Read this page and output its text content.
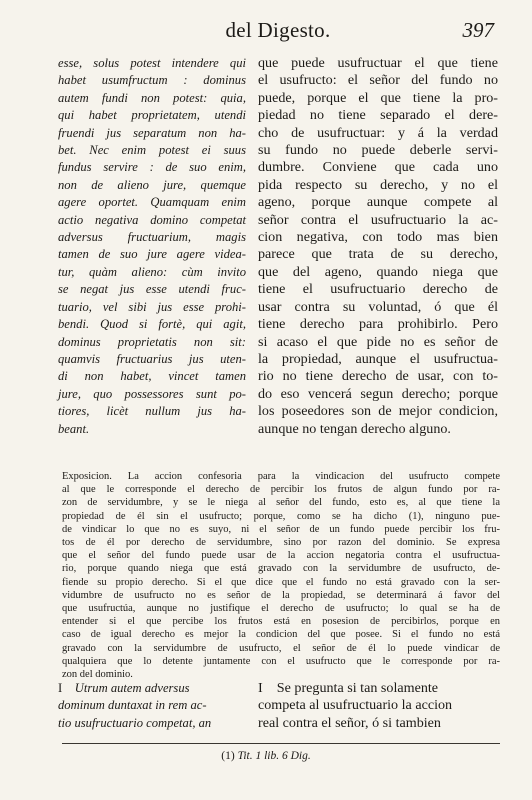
del Digesto.	397
esse, solus potest intendere qui
habet usumfructum : dominus
autem fundi non potest: quia,
qui habet proprietatem, utendi
fruendi jus separatum non ha-
bet. Nec enim potest ei suus
fundus servire : de suo enim,
non de alieno jure, quemque
agere oportet. Quamquam enim
actio negativa domino competat
adversus fructuarium, magis
tamen de suo jure agere videa-
tur, quàm alieno: cùm invito
se negat jus esse utendi fruc-
tuario, vel sibi jus esse prohi-
bendi. Quod si fortè, qui agit,
dominus proprietatis non sit:
quamvis fructuarius jus uten-
di non habet, vincet tamen
jure, quo possessores sunt po-
tiores, licèt nullum jus ha-
beant.
que puede usufructuar el que tiene
el usufructo: el señor del fundo no
puede, porque el que tiene la pro-
piedad no tiene separado el dere-
cho de usufructuar: y á la verdad
su fundo no puede deberle servi-
dumbre. Conviene que cada uno
pida respecto su derecho, y no el
ageno, porque aunque compete al
señor contra el usufructuario la ac-
cion negativa, con todo mas bien
parece que trata de su derecho,
que del ageno, quando niega que
tiene el usufructuario derecho de
usar contra su voluntad, ó que él
tiene derecho para prohibirlo. Pero
si acaso el que pide no es señor de
la propiedad, aunque el usufructua-
rio no tiene derecho de usar, con to-
do eso vencerá segun derecho; porque
los poseedores son de mejor condicion,
aunque no tengan derecho alguno.
Exposicion. La accion confesoria para la vindicacion del usufructo compete
al que le corresponde el derecho de percibir los frutos de algun fundo por ra-
zon de servidumbre, y se le niega al señor del fundo, esto es, al que tiene la
propiedad de él sin el usufructo; porque, como se ha dicho (1), ninguno pue-
de vindicar lo que no es suyo, ni el señor de un fundo puede percibir los fru-
tos de él por derecho de servidumbre, sino por razon del dominio. Se expresa
que el señor del fundo puede usar de la accion negatoria contra el usufructua-
rio, porque quando niega que está gravado con la servidumbre de usufructo, de-
fiende su propio derecho. Si el que dice que el fundo no está gravado con la ser-
vidumbre de usufructo no es señor de la propiedad, se determinará á favor del
que usufructúa, aunque no justifique el derecho de usufructo; lo qual se ha de
entender si el que percibe los frutos está en posesion de percibirlos, porque en
caso de igual derecho es mejor la condicion del que posee. Si el fundo no está
gravado con la servidumbre de usufructo, el señor de él lo puede vindicar de
qualquiera que lo detente juntamente con el usufructo que le corresponde por ra-
zon del dominio.
I  Utrum autem adversus
dominum duntaxat in rem ac-
tio usufructuario competat, an
I  Se pregunta si tan solamente
competa al usufructuario la accion
real contra el señor, ó si tambien
(1) Tit. 1 lib. 6 Dig.
